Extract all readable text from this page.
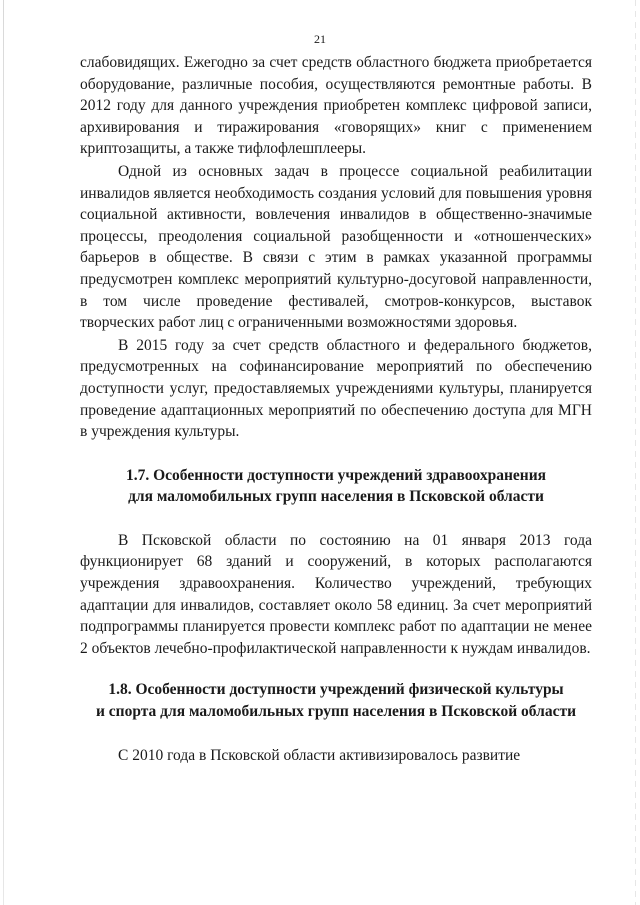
21

слабовидящих. Ежегодно за счет средств областного бюджета приобретается оборудование, различные пособия, осуществляются ремонтные работы. В 2012 году для данного учреждения приобретен комплекс цифровой записи, архивирования и тиражирования «говорящих» книг с применением криптозащиты, а также тифлофлешплееры.

Одной из основных задач в процессе социальной реабилитации инвалидов является необходимость создания условий для повышения уровня социальной активности, вовлечения инвалидов в общественно-значимые процессы, преодоления социальной разобщенности и «отношенческих» барьеров в обществе. В связи с этим в рамках указанной программы предусмотрен комплекс мероприятий культурно-досуговой направленности, в том числе проведение фестивалей, смотров-конкурсов, выставок творческих работ лиц с ограниченными возможностями здоровья.

В 2015 году за счет средств областного и федерального бюджетов, предусмотренных на софинансирование мероприятий по обеспечению доступности услуг, предоставляемых учреждениями культуры, планируется проведение адаптационных мероприятий по обеспечению доступа для МГН в учреждения культуры.

1.7. Особенности доступности учреждений здравоохранения
для маломобильных групп населения в Псковской области

В Псковской области по состоянию на 01 января 2013 года функционирует 68 зданий и сооружений, в которых располагаются учреждения здравоохранения. Количество учреждений, требующих адаптации для инвалидов, составляет около 58 единиц. За счет мероприятий подпрограммы планируется провести комплекс работ по адаптации не менее 2 объектов лечебно-профилактической направленности к нуждам инвалидов.

1.8. Особенности доступности учреждений физической культуры
и спорта для маломобильных групп населения в Псковской области

С 2010 года в Псковской области активизировалось развитие
